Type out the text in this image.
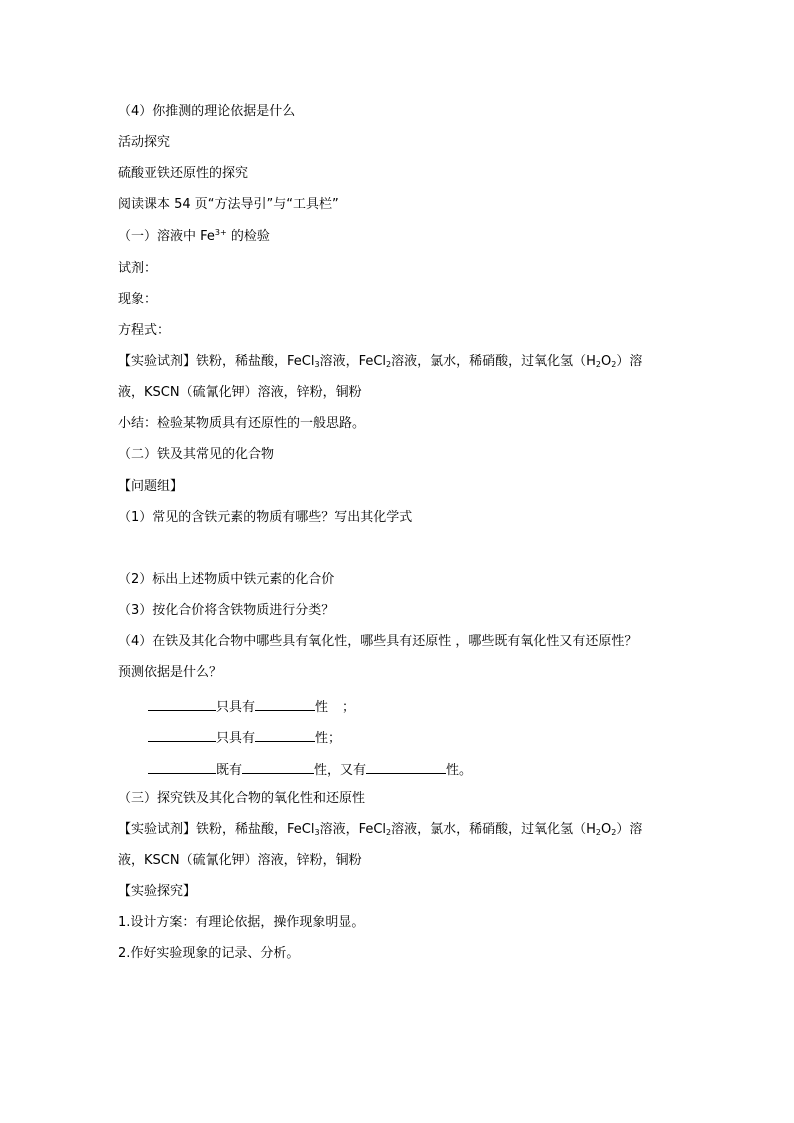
（4）你推测的理论依据是什么
活动探究
硫酸亚铁还原性的探究
阅读课本 54 页“方法导引”与“工具栏”
（一）溶液中 $Fe^{3+}$ 的检验
试剂：
现象：
方程式：
【实验试剂】铁粉，稀盐酸，FeCl$_3$溶液，FeCl$_2$溶液，氯水，稀硝酸，过氧化氢$(H_2O_2)$溶
液，KSCN（硫氰化钾）溶液，锌粉，铜粉
小结：检验某物质具有还原性的一般思路。
（二）铁及其常见的化合物
【问题组】
（1）常见的含铁元素的物质有哪些？写出其化学式
（2）标出上述物质中铁元素的化合价
（3）按化合价将含铁物质进行分类？
（4）在铁及其化合物中哪些具有氧化性，哪些具有还原性 ，哪些既有氧化性又有还原性？
预测依据是什么？
只具有	性 ；
只具有	性；
既有	性，又有	性。
（三）探究铁及其化合物的氧化性和还原性
【实验试剂】铁粉，稀盐酸，FeCl$_3$溶液，FeCl$_2$溶液，氯水，稀硝酸，过氧化氢$(H_2O_2)$溶
液，KSCN（硫氰化钾）溶液，锌粉，铜粉
【实验探究】
1.设计方案：有理论依据，操作现象明显。
2.作好实验现象的记录、分析。
